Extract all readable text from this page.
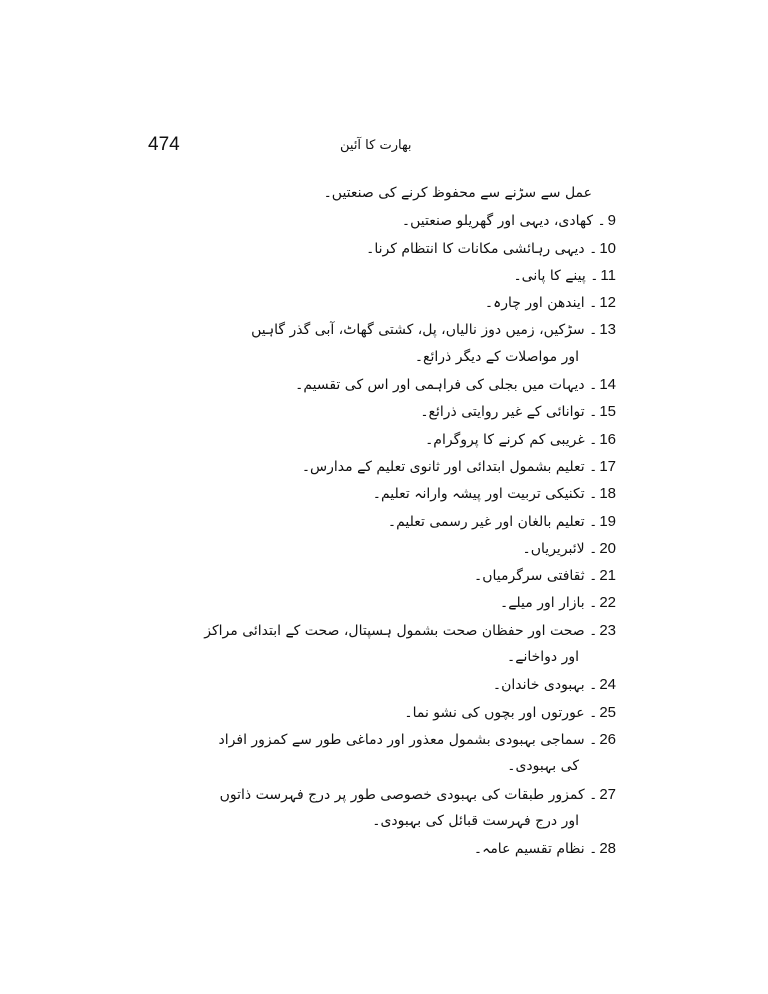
474	بھارت کا آئین
عمل سے سڑنے سے محفوظ کرنے کی صنعتیں۔
9۔ کھادی، دیہی اور گھریلو صنعتیں۔
10۔ دیہی رہائشی مکانات کا انتظام کرنا۔
11۔ پینے کا پانی۔
12۔ ایندھن اور چارہ۔
13۔ سڑکیں، زمیں دوز نالیاں، پل، کشتی گھاٹ، آبی گذر گاہیں
اور مواصلات کے دیگر ذرائع۔
14۔ دیہات میں بجلی کی فراہمی اور اس کی تقسیم۔
15۔ توانائی کے غیر روایتی ذرائع۔
16۔ غریبی کم کرنے کا پروگرام۔
17۔ تعلیم بشمول ابتدائی اور ثانوی تعلیم کے مدارس۔
18۔ تکنیکی تربیت اور پیشہ وارانہ تعلیم۔
19۔ تعلیم بالغان اور غیر رسمی تعلیم۔
20۔ لائبریریاں۔
21۔ ثقافتی سرگرمیاں۔
22۔ بازار اور میلے۔
23۔ صحت اور حفظان صحت بشمول ہسپتال، صحت کے ابتدائی مراکز
اور دواخانے۔
24۔ بہبودی خاندان۔
25۔ عورتوں اور بچوں کی نشو نما۔
26۔ سماجی بہبودی بشمول معذور اور دماغی طور سے کمزور افراد
کی بہبودی۔
27۔ کمزور طبقات کی بہبودی خصوصی طور پر درج فہرست ذاتوں
اور درج فہرست قبائل کی بہبودی۔
28۔ نظام تقسیم عامہ۔
